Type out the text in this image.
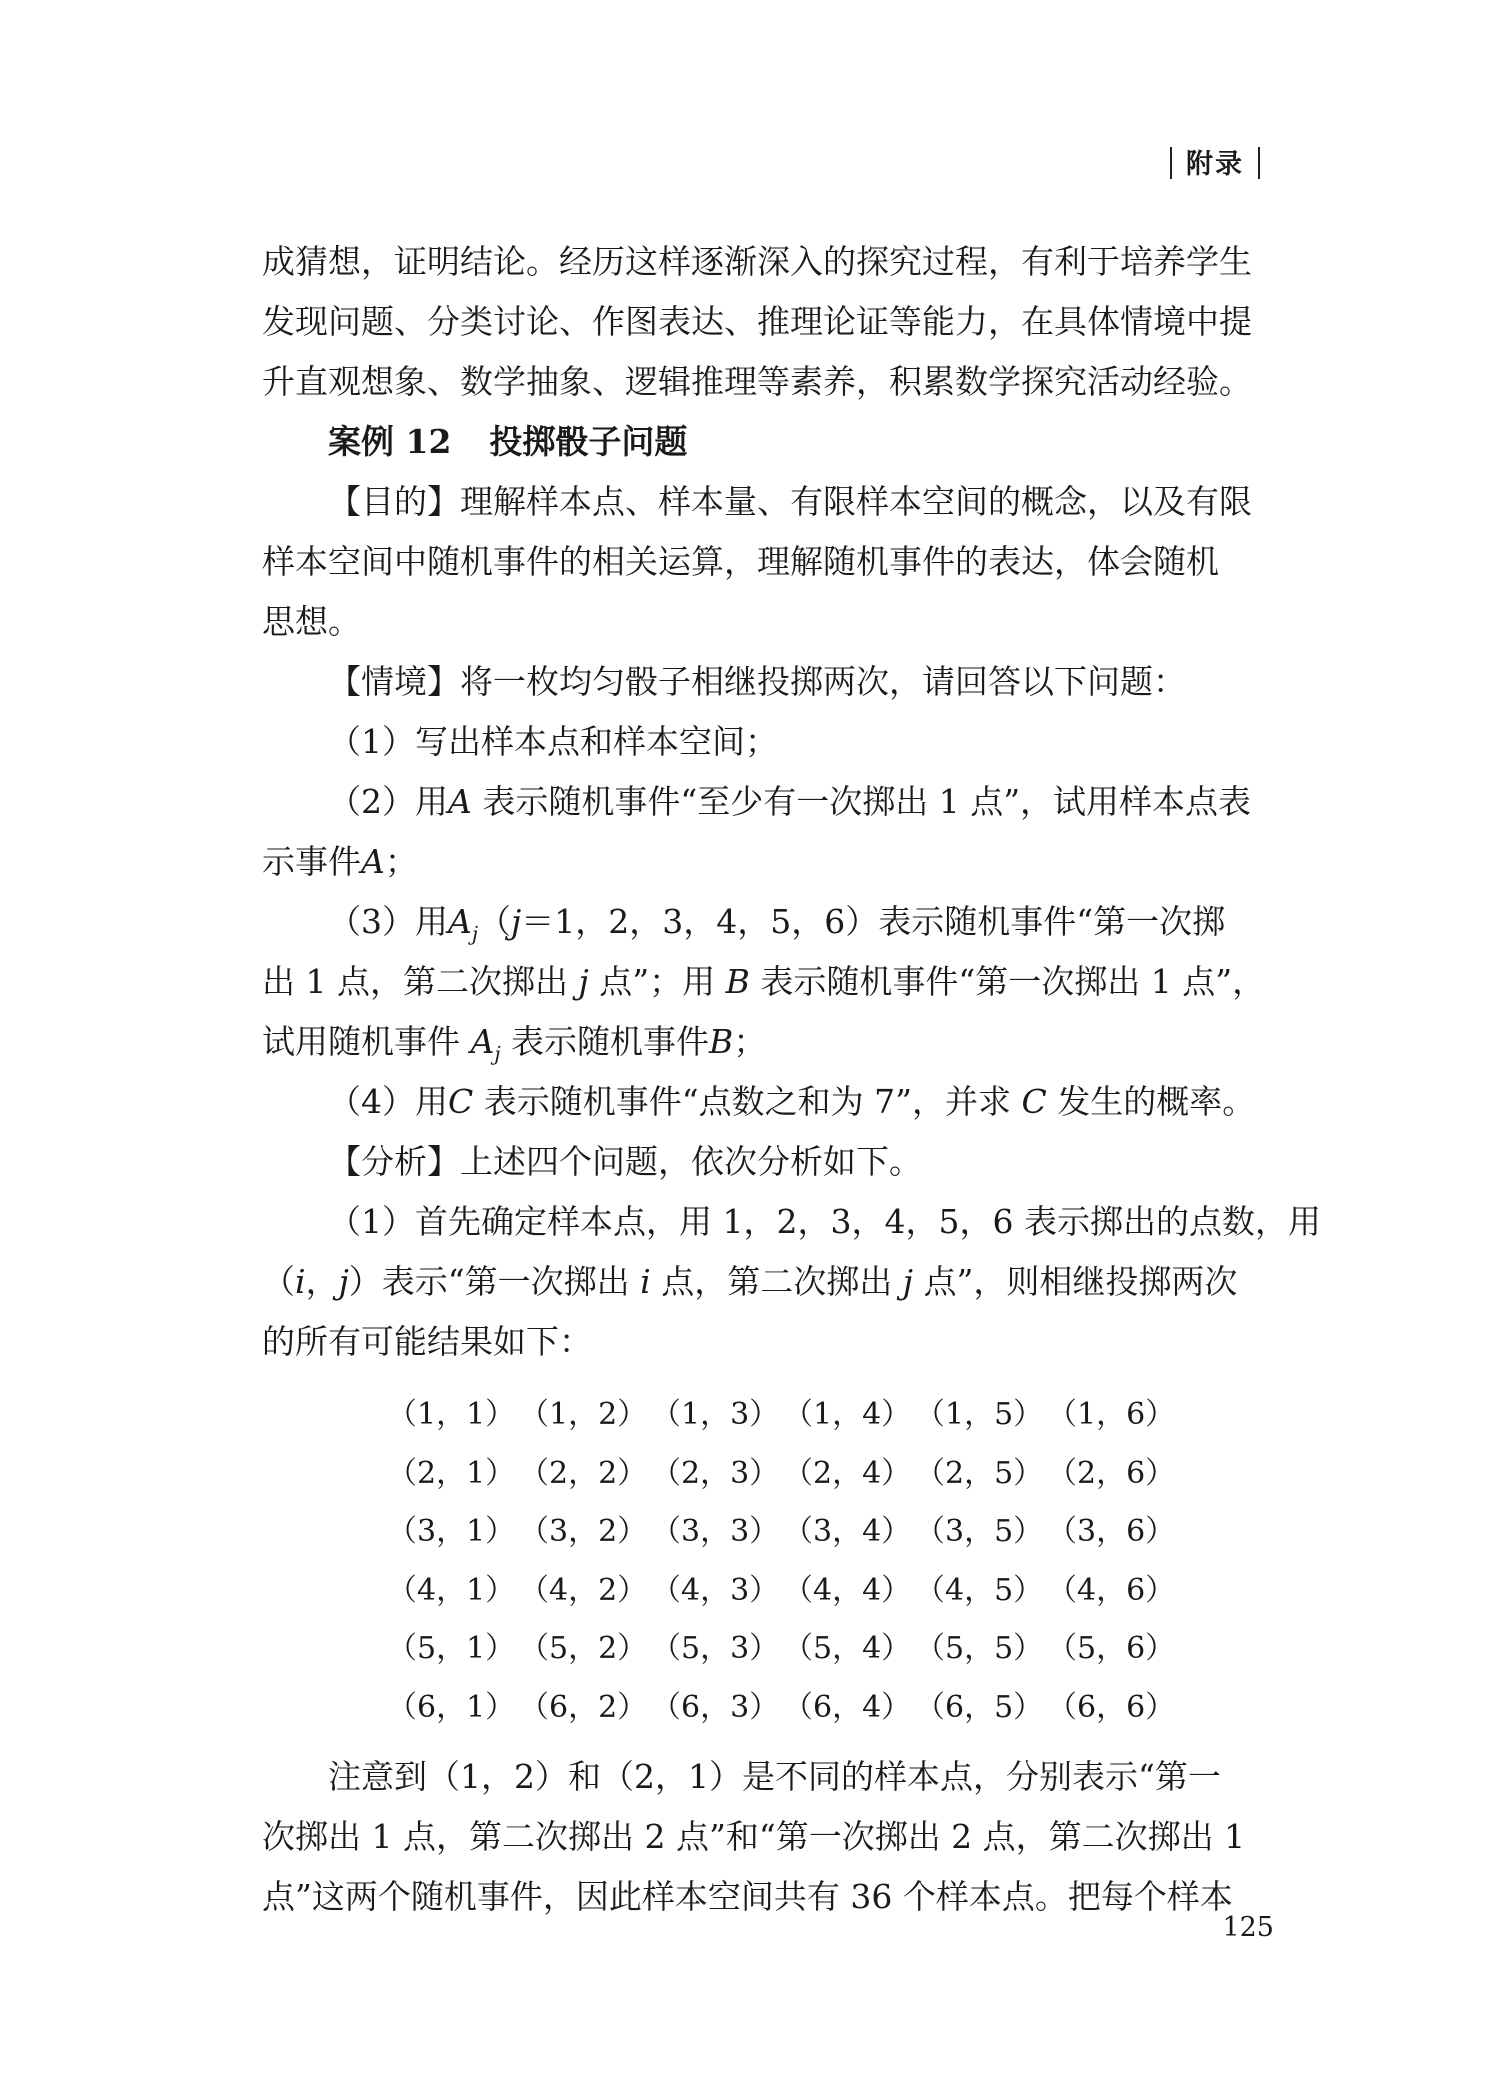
附录
成猜想，证明结论。经历这样逐渐深入的探究过程，有利于培养学生
发现问题、分类讨论、作图表达、推理论证等能力，在具体情境中提
升直观想象、数学抽象、逻辑推理等素养，积累数学探究活动经验。
案例 12 投掷骰子问题
【目的】理解样本点、样本量、有限样本空间的概念，以及有限
样本空间中随机事件的相关运算，理解随机事件的表达，体会随机
思想。
【情境】将一枚均匀骰子相继投掷两次，请回答以下问题：
（1）写出样本点和样本空间；
（2）用A 表示随机事件“至少有一次掷出 1 点”，试用样本点表
示事件A；
（3）用$A_j(j=1$，2，3，4，5，6）表示随机事件“第一次掷
出 1 点，第二次掷出 j 点”；用 B 表示随机事件“第一次掷出 1 点”，
试用随机事件 $A_j$ 表示随机事件B；
（4）用C 表示随机事件“点数之和为 7”，并求 C 发生的概率。
【分析】上述四个问题，依次分析如下。
（1）首先确定样本点，用 1，2，3，4，5，6 表示掷出的点数，用
（i，j）表示“第一次掷出 i 点，第二次掷出 j 点”，则相继投掷两次
的所有可能结果如下：
（1，1） （1，2） （1，3） （1，4） （1，5） （1，6）
（2，1） （2，2） （2，3） （2，4） （2，5） （2，6）
（3，1） （3，2） （3，3） （3，4） （3，5） （3，6）
（4，1） （4，2） （4，3） （4，4） （4，5） （4，6）
（5，1） （5，2） （5，3） （5，4） （5，5） （5，6）
（6，1） （6，2） （6，3） （6，4） （6，5） （6，6）
注意到（1，2）和（2，1）是不同的样本点，分别表示“第一
次掷出 1 点，第二次掷出 2 点”和“第一次掷出 2 点，第二次掷出 1
点”这两个随机事件，因此样本空间共有 36 个样本点。把每个样本
125
